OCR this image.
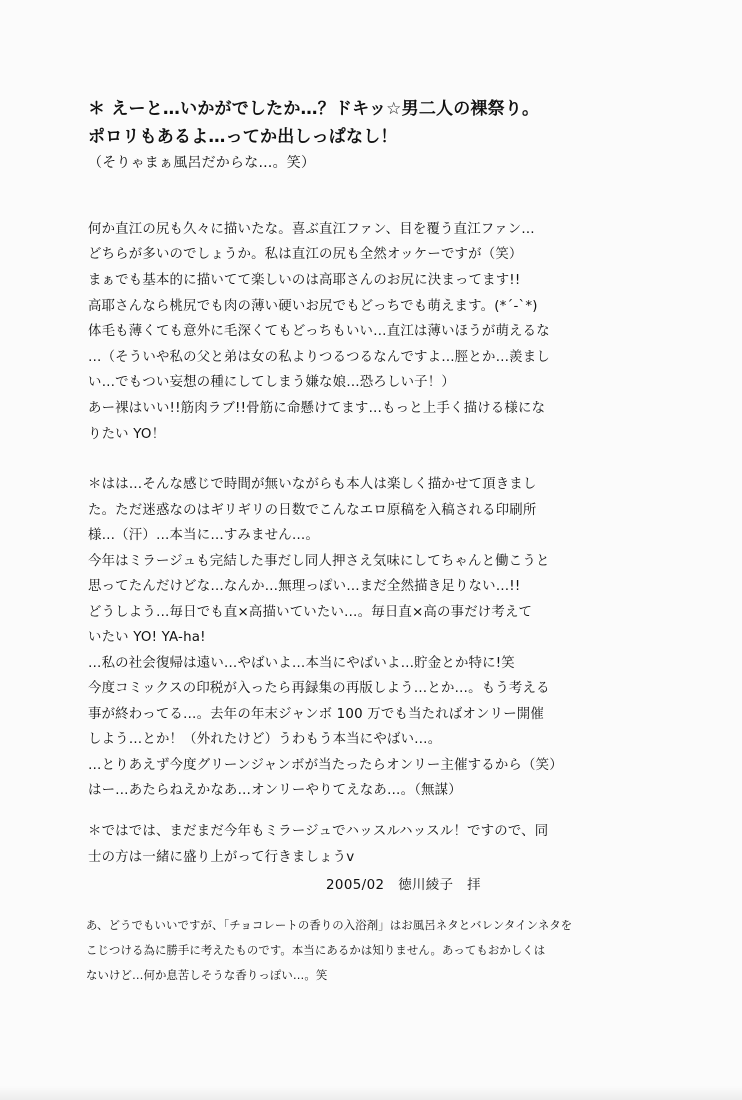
＊ えーと…いかがでしたか…？ドキッ☆男二人の裸祭り。
ポロリもあるよ…ってか出しっぱなし！
（そりゃまぁ風呂だからな…。笑）
何か直江の尻も久々に描いたな。喜ぶ直江ファン、目を覆う直江ファン…
どちらが多いのでしょうか。私は直江の尻も全然オッケーですが（笑）
まぁでも基本的に描いてて楽しいのは高耶さんのお尻に決まってます!!
高耶さんなら桃尻でも肉の薄い硬いお尻でもどっちでも萌えます。(*´-`*)
体毛も薄くても意外に毛深くてもどっちもいい…直江は薄いほうが萌えるな
…（そういや私の父と弟は女の私よりつるつるなんですよ…脛とか…羨まし
い…でもつい妄想の種にしてしまう嫌な娘…恐ろしい子！）
あー裸はいい!!筋肉ラブ!!骨筋に命懸けてます…もっと上手く描ける様にな
りたい YO！
＊はは…そんな感じで時間が無いながらも本人は楽しく描かせて頂きまし
た。ただ迷惑なのはギリギリの日数でこんなエロ原稿を入稿される印刷所
様…（汗）…本当に…すみません…。
今年はミラージュも完結した事だし同人押さえ気味にしてちゃんと働こうと
思ってたんだけどな…なんか…無理っぽい…まだ全然描き足りない…!!
どうしよう…毎日でも直×高描いていたい…。毎日直×高の事だけ考えて
いたい YO! YA-ha!
…私の社会復帰は遠い…やばいよ…本当にやばいよ…貯金とか特に!笑
今度コミックスの印税が入ったら再録集の再版しよう…とか…。もう考える
事が終わってる…。去年の年末ジャンボ 100 万でも当たればオンリー開催
しよう…とか！（外れたけど）うわもう本当にやばい…。
…とりあえず今度グリーンジャンボが当たったらオンリー主催するから（笑）
はー…あたらねえかなあ…オンリーやりてえなあ…。（無謀）
＊ではでは、まだまだ今年もミラージュでハッスルハッスル！ですので、同
士の方は一緒に盛り上がって行きましょうv
2005/02　徳川綾子　拝
あ、どうでもいいですが、「チョコレートの香りの入浴剤」はお風呂ネタとバレンタインネタを
こじつける為に勝手に考えたものです。本当にあるかは知りません。あってもおかしくは
ないけど…何か息苦しそうな香りっぽい…。笑
